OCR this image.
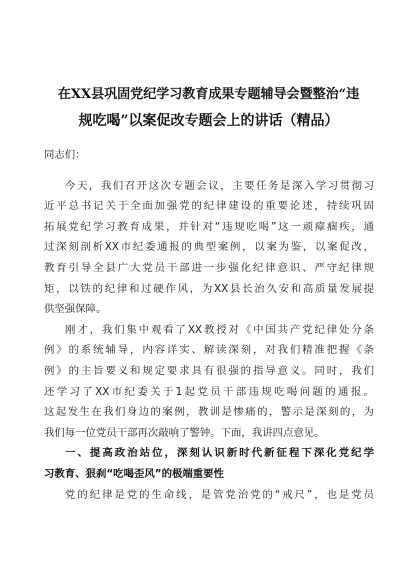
在XX县巩固党纪学习教育成果专题辅导会暨整治“违
规吃喝”以案促改专题会上的讲话（精品）
同志们：
今天，我们召开这次专题会议，主要任务是深入学习贯彻习
近平总书记关于全面加强党的纪律建设的重要论述，持续巩固
拓展党纪学习教育成果，并针对“违规吃喝”这一顽瘴痼疾，通
过深刻剖析XX市纪委通报的典型案例，以案为鉴，以案促改，
教育引导全县广大党员干部进一步强化纪律意识、严守纪律规
矩，以铁的纪律和过硬作风，为XX县长治久安和高质量发展提
供坚强保障。
刚才，我们集中观看了XX教授对《中国共产党纪律处分条
例》的系统辅导，内容详实、解读深刻，对我们精准把握《条
例》的主旨要义和规定要求具有很强的指导意义。同时，我们
还学习了XX市纪委关于1起党员干部违规吃喝问题的通报。
这起发生在我们身边的案例，教训是惨痛的，警示是深刻的，为
我们每一位党员干部再次敲响了警钟。下面，我讲四点意见。
一、提高政治站位，深刻认识新时代新征程下深化党纪学
习教育、狠刹“吃喝歪风”的极端重要性
党的纪律是党的生命线，是管党治党的“戒尺”，也是党员
